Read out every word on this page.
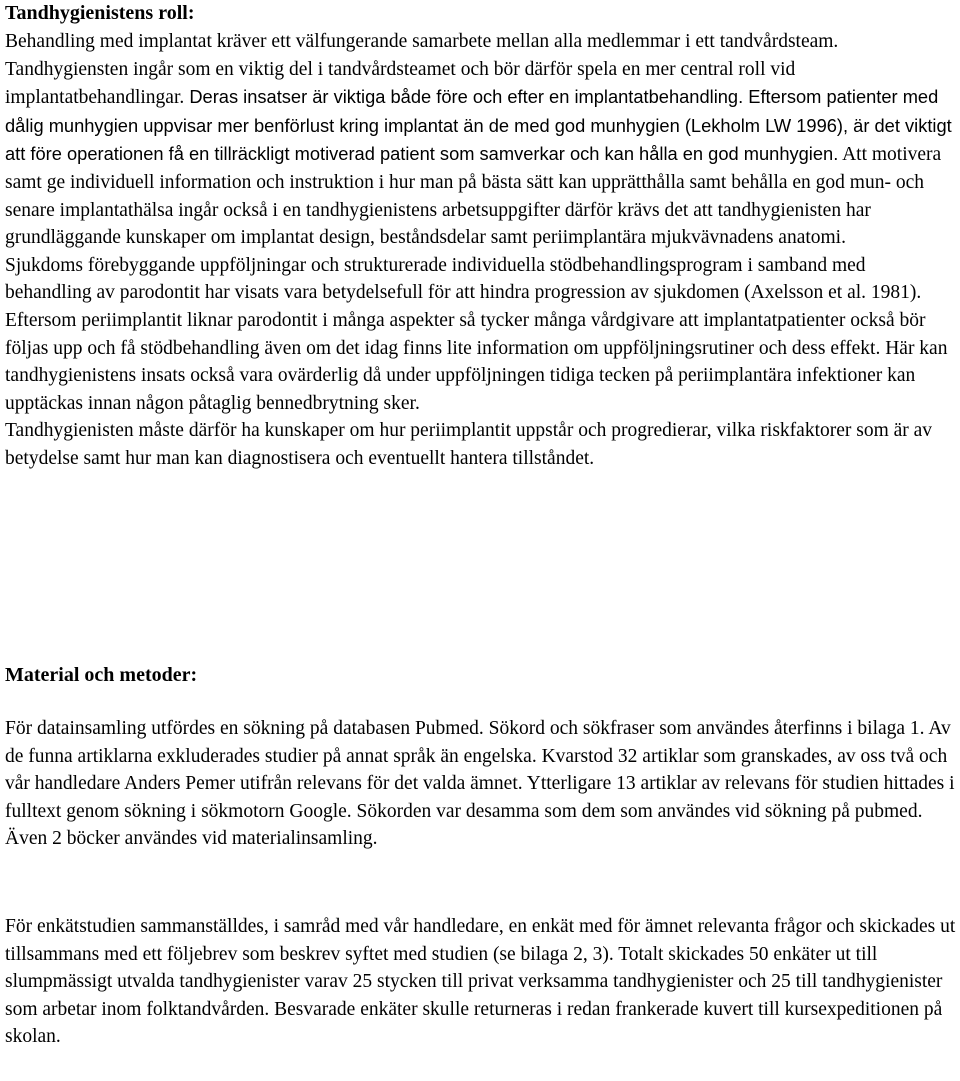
Tandhygienistens roll:

Behandling med implantat kräver ett välfungerande samarbete mellan alla medlemmar i ett tandvårdsteam. Tandhygiensten ingår som en viktig del i tandvårdsteamet och bör därför spela en mer central roll vid implantatbehandlingar. Deras insatser är viktiga både före och efter en implantatbehandling. Eftersom patienter med dålig munhygien uppvisar mer benförlust kring implantat än de med god munhygien (Lekholm LW 1996), är det viktigt att före operationen få en tillräckligt motiverad patient som samverkar och kan hålla en god munhygien. Att motivera samt ge individuell information och instruktion i hur man på bästa sätt kan upprätthålla samt behålla en god mun- och senare implantathälsa ingår också i en tandhygienistens arbetsuppgifter därför krävs det att tandhygienisten har grundläggande kunskaper om implantat design, beståndsdelar samt periimplantära mjukvävnadens anatomi.

Sjukdoms förebyggande uppföljningar och strukturerade individuella stödbehandlingsprogram i samband med behandling av parodontit har visats vara betydelsefull för att hindra progression av sjukdomen (Axelsson et al. 1981). Eftersom periimplantit liknar parodontit i många aspekter så tycker många vårdgivare att implantatpatienter också bör följas upp och få stödbehandling även om det idag finns lite information om uppföljningsrutiner och dess effekt. Här kan tandhygienistens insats också vara ovärderlig då under uppföljningen tidiga tecken på periimplantära infektioner kan upptäckas innan någon påtaglig bennedbrytning sker.

Tandhygienisten måste därför ha kunskaper om hur periimplantit uppstår och progredierar, vilka riskfaktorer som är av betydelse samt hur man kan diagnostisera och eventuellt hantera tillståndet.

Material och metoder:

För datainsamling utfördes en sökning på databasen Pubmed. Sökord och sökfraser som användes återfinns i bilaga 1. Av de funna artiklarna exkluderades studier på annat språk än engelska. Kvarstod 32 artiklar som granskades, av oss två och vår handledare Anders Pemer utifrån relevans för det valda ämnet. Ytterligare 13 artiklar av relevans för studien hittades i fulltext genom sökning i sökmotorn Google. Sökorden var desamma som dem som användes vid sökning på pubmed. Även 2 böcker användes vid materialinsamling.

För enkätstudien sammanställdes, i samråd med vår handledare, en enkät med för ämnet relevanta frågor och skickades ut tillsammans med ett följebrev som beskrev syftet med studien (se bilaga 2, 3). Totalt skickades 50 enkäter ut till slumpmässigt utvalda tandhygienister varav 25 stycken till privat verksamma tandhygienister och 25 till tandhygienister som arbetar inom folktandvården. Besvarade enkäter skulle returneras i redan frankerade kuvert till kursexpeditionen på skolan.
